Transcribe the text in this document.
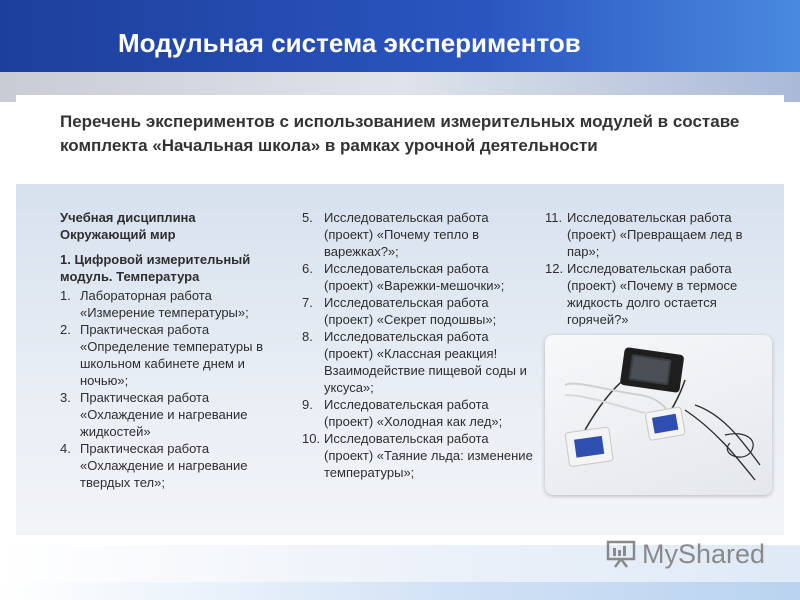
Модульная система экспериментов
Перечень экспериментов с использованием измерительных модулей в составе комплекта «Начальная школа» в рамках урочной деятельности
Учебная дисциплина
Окружающий мир
1. Цифровой измерительный модуль. Температура
1. Лабораторная работа «Измерение температуры»;
2. Практическая работа «Определение температуры в школьном кабинете днем и ночью»;
3. Практическая работа «Охлаждение и нагревание жидкостей»
4. Практическая работа «Охлаждение и нагревание твердых тел»;
5. Исследовательская работа (проект) «Почему тепло в варежках?»;
6. Исследовательская работа (проект) «Варежки-мешочки»;
7. Исследовательская работа (проект) «Секрет подошвы»;
8. Исследовательская работа (проект) «Классная реакция! Взаимодействие пищевой соды и уксуса»;
9. Исследовательская работа (проект) «Холодная как лед»;
10. Исследовательская работа (проект) «Таяние льда: изменение температуры»;
11. Исследовательская работа (проект) «Превращаем лед в пар»;
12. Исследовательская работа (проект) «Почему в термосе жидкость долго остается горячей?»
MyShared
